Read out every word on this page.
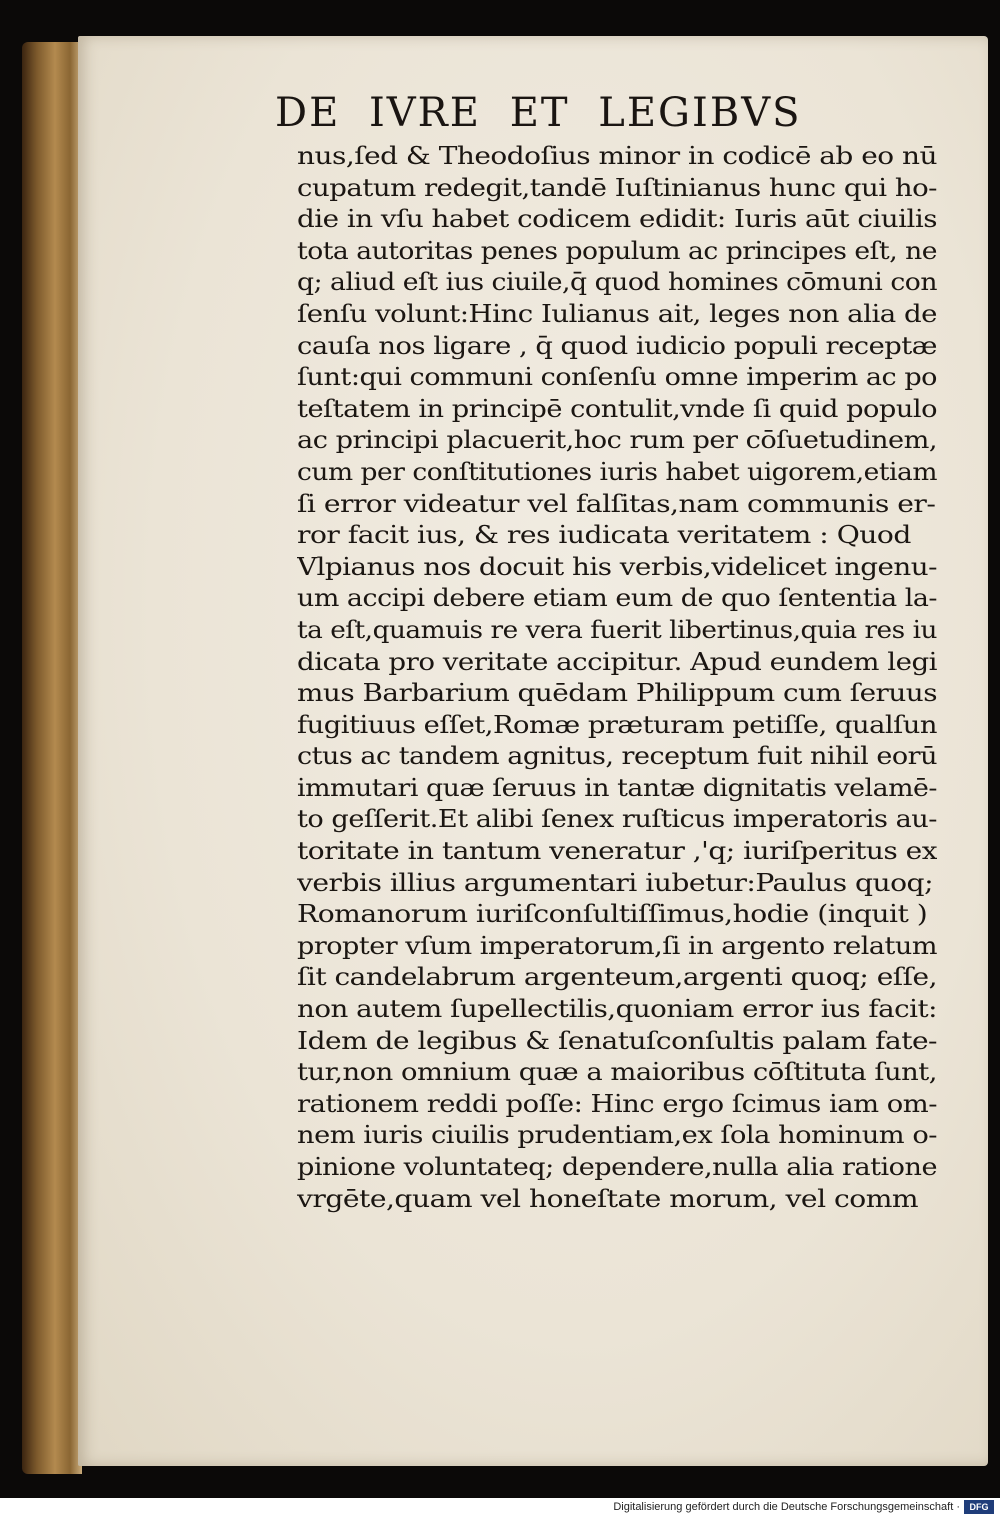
DE IVRE ET LEGIBVS
nus,ſed & Theodoſius minor in codicē ab eo nū
cupatum redegit,tandē Iuſtinianus hunc qui ho-
die in vſu habet codicem edidit: Iuris aūt ciuilis
tota autoritas penes populum ac principes eſt, ne
q; aliud eſt ius ciuile,q̄ quod homines cōmuni con
ſenſu volunt:Hinc Iulianus ait, leges non alia de
cauſa nos ligare , q̄ quod iudicio populi receptæ
ſunt:qui communi conſenſu omne imperim ac po
teſtatem in principē contulit,vnde ſi quid populo
ac principi placuerit,hoc rum per cōſuetudinem,
cum per conſtitutiones iuris habet uigorem,etiam
ſi error videatur vel falſitas,nam communis er-
ror facit ius, & res iudicata veritatem : Quod
Vlpianus nos docuit his verbis,videlicet ingenu-
um accipi debere etiam eum de quo ſententia la-
ta eſt,quamuis re vera fuerit libertinus,quia res iu
dicata pro veritate accipitur. Apud eundem legi
mus Barbarium quēdam Philippum cum ſeruus
fugitiuus eſſet,Romæ præturam petiſſe, qualſun
ctus ac tandem agnitus, receptum fuit nihil eorū
immutari quæ ſeruus in tantæ dignitatis velamē-
to geſſerit.Et alibi ſenex ruſticus imperatoris au-
toritate in tantum veneratur ,'q; iuriſperitus ex
verbis illius argumentari iubetur:Paulus quoq;
Romanorum iuriſconſultiſſimus,hodie (inquit )
propter vſum imperatorum,ſi in argento relatum
ſit candelabrum argenteum,argenti quoq; eſſe,
non autem ſupellectilis,quoniam error ius facit:
Idem de legibus & ſenatuſconſultis palam fate-
tur,non omnium quæ a maioribus cōſtituta ſunt,
rationem reddi poſſe: Hinc ergo ſcimus iam om-
nem iuris ciuilis prudentiam,ex ſola hominum o-
pinione voluntateq; dependere,nulla alia ratione
vrgēte,quam vel honeſtate morum, vel comm
Digitalisierung gefördert durch die Deutsche Forschungsgemeinschaft ·	DFG
